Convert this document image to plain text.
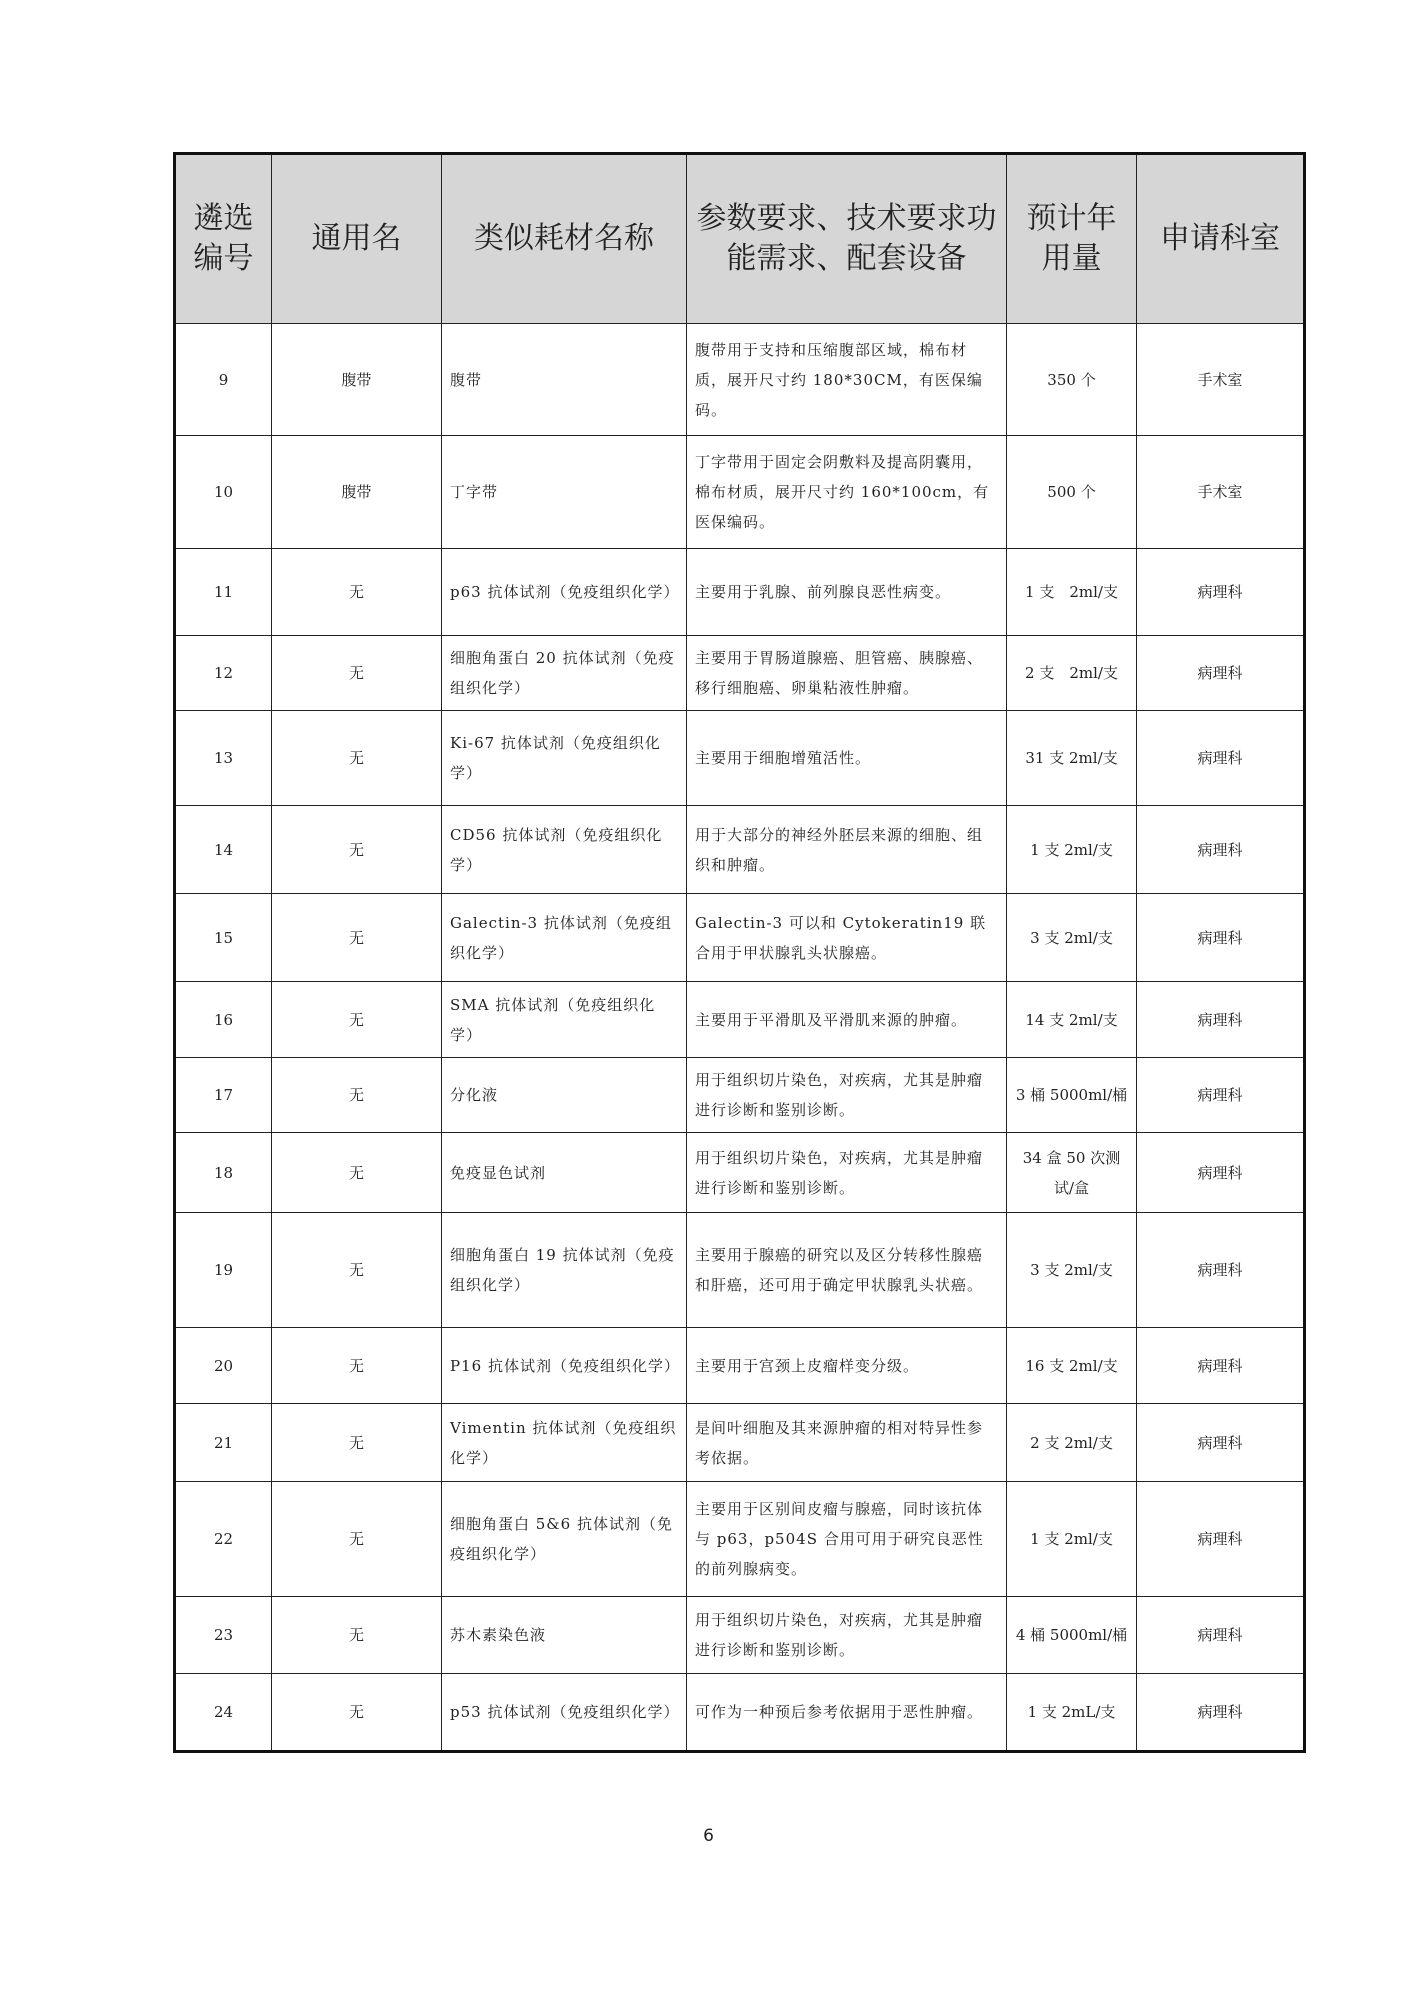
遴选编号	通用名	类似耗材名称	参数要求、技术要求功能需求、配套设备	预计年用量	申请科室
9	腹带	腹带	腹带用于支持和压缩腹部区域，棉布材质，展开尺寸约 180*30CM，有医保编码。	350 个	手术室
10	腹带	丁字带	丁字带用于固定会阴敷料及提高阴囊用，棉布材质，展开尺寸约 160*100cm，有医保编码。	500 个	手术室
11	无	p63 抗体试剂（免疫组织化学）	主要用于乳腺、前列腺良恶性病变。	1 支　2ml/支	病理科
12	无	细胞角蛋白 20 抗体试剂（免疫组织化学）	主要用于胃肠道腺癌、胆管癌、胰腺癌、移行细胞癌、卵巢粘液性肿瘤。	2 支　2ml/支	病理科
13	无	Ki-67 抗体试剂（免疫组织化学）	主要用于细胞增殖活性。	31 支 2ml/支	病理科
14	无	CD56 抗体试剂（免疫组织化学）	用于大部分的神经外胚层来源的细胞、组织和肿瘤。	1 支 2ml/支	病理科
15	无	Galectin-3 抗体试剂（免疫组织化学）	Galectin-3 可以和 Cytokeratin19 联合用于甲状腺乳头状腺癌。	3 支 2ml/支	病理科
16	无	SMA 抗体试剂（免疫组织化学）	主要用于平滑肌及平滑肌来源的肿瘤。	14 支 2ml/支	病理科
17	无	分化液	用于组织切片染色，对疾病，尤其是肿瘤进行诊断和鉴别诊断。	3 桶 5000ml/桶	病理科
18	无	免疫显色试剂	用于组织切片染色，对疾病，尤其是肿瘤进行诊断和鉴别诊断。	34 盒 50 次测试/盒	病理科
19	无	细胞角蛋白 19 抗体试剂（免疫组织化学）	主要用于腺癌的研究以及区分转移性腺癌和肝癌，还可用于确定甲状腺乳头状癌。	3 支 2ml/支	病理科
20	无	P16 抗体试剂（免疫组织化学）	主要用于宫颈上皮瘤样变分级。	16 支 2ml/支	病理科
21	无	Vimentin 抗体试剂（免疫组织化学）	是间叶细胞及其来源肿瘤的相对特异性参考依据。	2 支 2ml/支	病理科
22	无	细胞角蛋白 5&6 抗体试剂（免疫组织化学）	主要用于区别间皮瘤与腺癌，同时该抗体与 p63，p504S 合用可用于研究良恶性的前列腺病变。	1 支 2ml/支	病理科
23	无	苏木素染色液	用于组织切片染色，对疾病，尤其是肿瘤进行诊断和鉴别诊断。	4 桶 5000ml/桶	病理科
24	无	p53 抗体试剂（免疫组织化学）	可作为一种预后参考依据用于恶性肿瘤。	1 支 2mL/支	病理科
6
